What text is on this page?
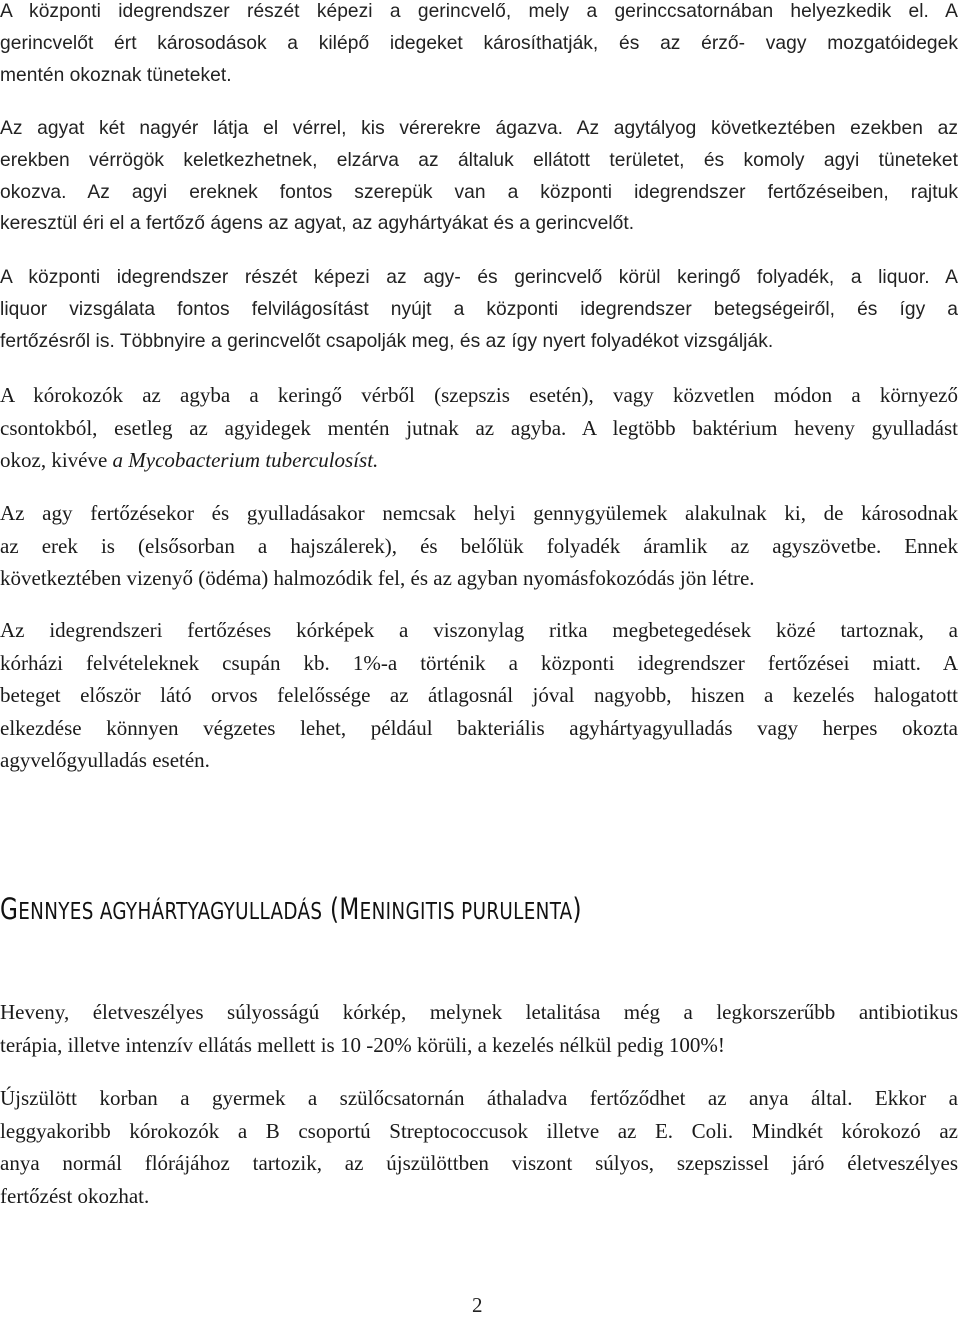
A központi idegrendszer részét képezi a gerincvelő, mely a gerinccsatornában helyezkedik el. A
gerincvelőt ért károsodások a kilépő idegeket károsíthatják, és az érző- vagy mozgatóidegek
mentén okoznak tüneteket.
Az agyat két nagyér látja el vérrel, kis vérerekre ágazva. Az agytályog következtében ezekben az
erekben vérrögök keletkezhetnek, elzárva az általuk ellátott területet, és komoly agyi tüneteket
okozva. Az agyi ereknek fontos szerepük van a központi idegrendszer fertőzéseiben, rajtuk
keresztül éri el a fertőző ágens az agyat, az agyhártyákat és a gerincvelőt.
A központi idegrendszer részét képezi az agy- és gerincvelő körül keringő folyadék, a liquor. A
liquor vizsgálata fontos felvilágosítást nyújt a központi idegrendszer betegségeiről, és így a
fertőzésről is. Többnyire a gerincvelőt csapolják meg, és az így nyert folyadékot vizsgálják.
A kórokozók az agyba a keringő vérből (szepszis esetén), vagy közvetlen módon a környező
csontokból, esetleg az agyidegek mentén jutnak az agyba. A legtöbb baktérium heveny gyulladást
okoz, kivéve a Mycobacterium tuberculosíst.
Az agy fertőzésekor és gyulladásakor nemcsak helyi gennygyülemek alakulnak ki, de károsodnak
az erek is (elsősorban a hajszálerek), és belőlük folyadék áramlik az agyszövetbe. Ennek
következtében vizenyő (ödéma) halmozódik fel, és az agyban nyomásfokozódás jön létre.
Az idegrendszeri fertőzéses kórképek a viszonylag ritka megbetegedések közé tartoznak, a
kórházi felvételeknek csupán kb. 1%-a történik a központi idegrendszer fertőzései miatt. A
beteget először látó orvos felelőssége az átlagosnál jóval nagyobb, hiszen a kezelés halogatott
elkezdése könnyen végzetes lehet, például bakteriális agyhártyagyulladás vagy herpes okozta
agyvelőgyulladás esetén.
GENNYES AGYHÁRTYAGYULLADÁS (MENINGITIS PURULENTA)
Heveny, életveszélyes súlyosságú kórkép, melynek letalitása még a legkorszerűbb antibiotikus
terápia, illetve intenzív ellátás mellett is 10 -20% körüli, a kezelés nélkül pedig 100%!
Újszülött korban a gyermek a szülőcsatornán áthaladva fertőződhet az anya által. Ekkor a
leggyakoribb kórokozók a B csoportú Streptococcusok illetve az E. Coli. Mindkét kórokozó az
anya normál flórájához tartozik, az újszülöttben viszont súlyos, szepszissel járó életveszélyes
fertőzést okozhat.
2
